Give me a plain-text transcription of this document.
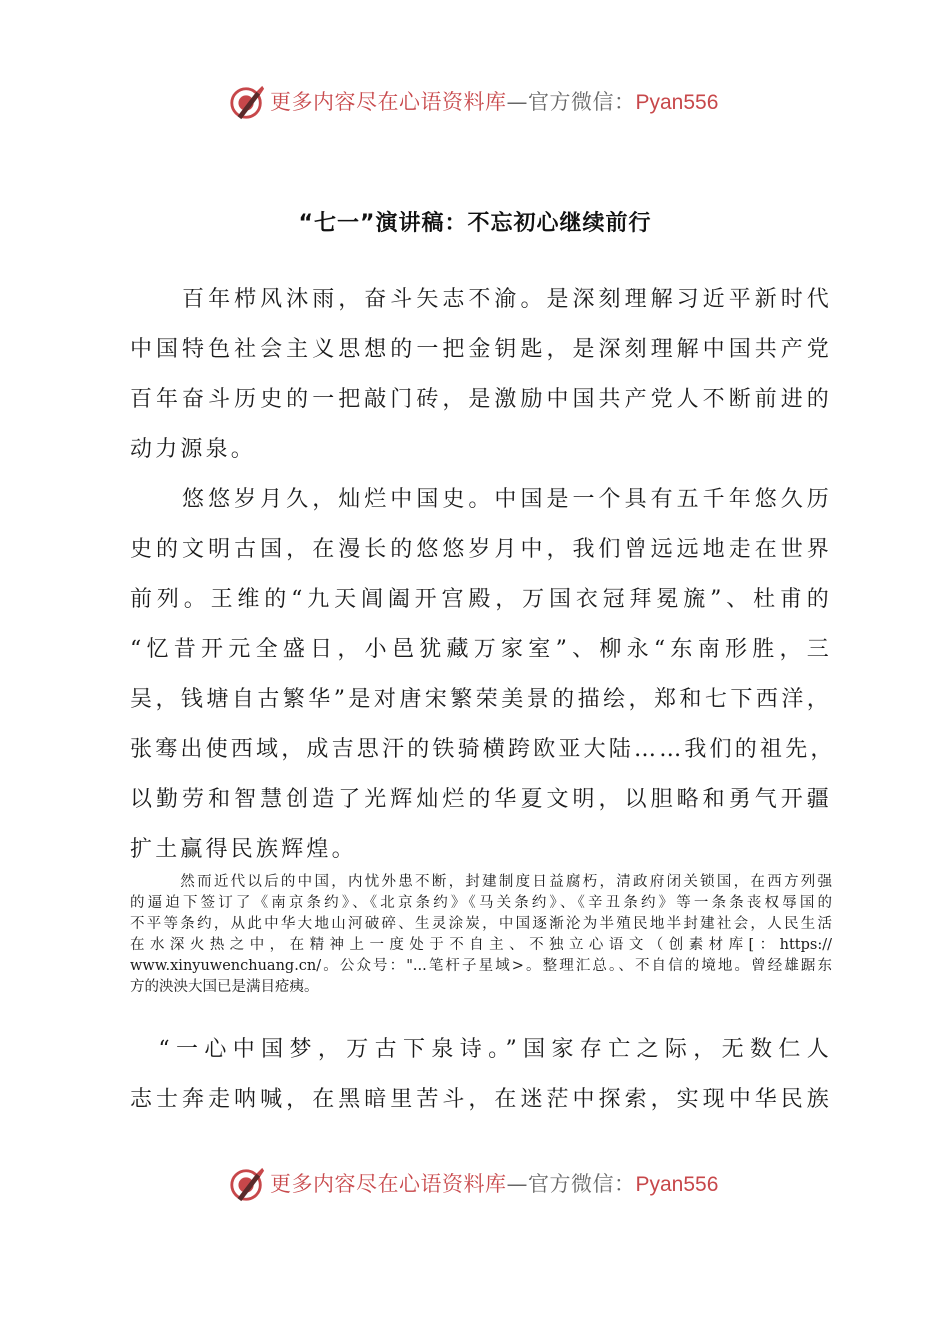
更多内容尽在心语资料库—官方微信：Pyan556
“七一”演讲稿：不忘初心继续前行
　　百年栉风沐雨，奋斗矢志不渝。是深刻理解习近平新时代
中国特色社会主义思想的一把金钥匙，是深刻理解中国共产党
百年奋斗历史的一把敲门砖，是激励中国共产党人不断前进的
动力源泉。
　　悠悠岁月久，灿烂中国史。中国是一个具有五千年悠久历
史的文明古国，在漫长的悠悠岁月中，我们曾远远地走在世界
前列。王维的“九天阊阖开宫殿，万国衣冠拜冕旒”、杜甫的
“忆昔开元全盛日，小邑犹藏万家室”、柳永“东南形胜，三
吴，钱塘自古繁华”是对唐宋繁荣美景的描绘，郑和七下西洋，
张骞出使西域，成吉思汗的铁骑横跨欧亚大陆……我们的祖先，
以勤劳和智慧创造了光辉灿烂的华夏文明，以胆略和勇气开疆
扩土赢得民族辉煌。
　　　然而近代以后的中国，内忧外患不断，封建制度日益腐朽，清政府闭关锁国，在西方列强
的逼迫下签订了《南京条约》、《北京条约》《马关条约》、《辛丑条约》等一条条丧权辱国的
不平等条约，从此中华大地山河破碎、生灵涂炭，中国逐渐沦为半殖民地半封建社会，人民生活
在水深火热之中，在精神上一度处于不自主、不独立心语文（创素材库[：https://
www.xinyuwenchuang.cn/。公众号："...笔杆子星域>。整理汇总。、不自信的境地。曾经雄踞东
方的泱泱大国已是满目疮痍。
　“一心中国梦，万古下泉诗。”国家存亡之际，无数仁人
志士奔走呐喊，在黑暗里苦斗，在迷茫中探索，实现中华民族
更多内容尽在心语资料库—官方微信：Pyan556
